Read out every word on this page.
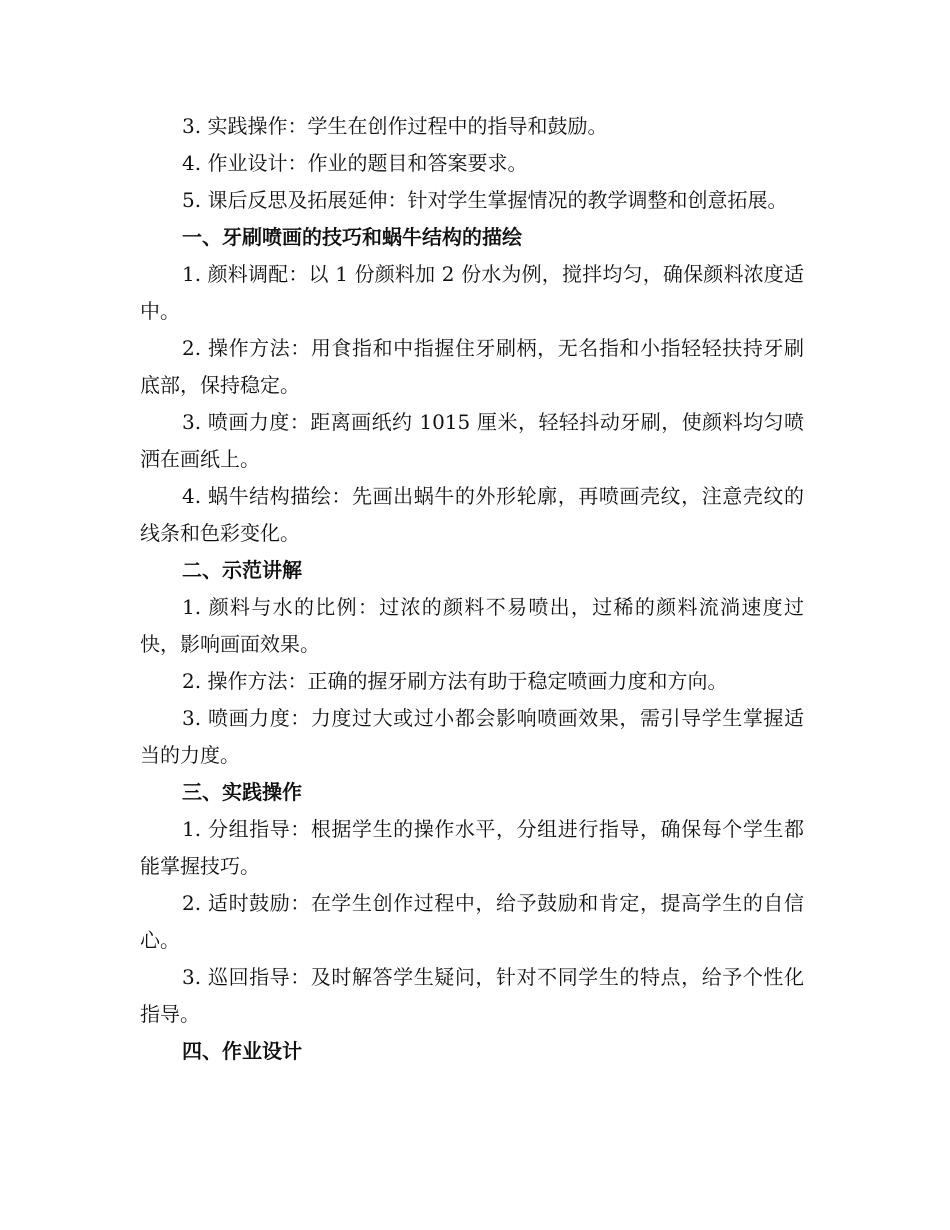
3. 实践操作：学生在创作过程中的指导和鼓励。

4. 作业设计：作业的题目和答案要求。

5. 课后反思及拓展延伸：针对学生掌握情况的教学调整和创意拓展。

一、牙刷喷画的技巧和蜗牛结构的描绘

1. 颜料调配：以 1 份颜料加 2 份水为例，搅拌均匀，确保颜料浓度适中。

2. 操作方法：用食指和中指握住牙刷柄，无名指和小指轻轻扶持牙刷底部，保持稳定。

3. 喷画力度：距离画纸约 1015 厘米，轻轻抖动牙刷，使颜料均匀喷洒在画纸上。

4. 蜗牛结构描绘：先画出蜗牛的外形轮廓，再喷画壳纹，注意壳纹的线条和色彩变化。

二、示范讲解

1. 颜料与水的比例：过浓的颜料不易喷出，过稀的颜料流淌速度过快，影响画面效果。

2. 操作方法：正确的握牙刷方法有助于稳定喷画力度和方向。

3. 喷画力度：力度过大或过小都会影响喷画效果，需引导学生掌握适当的力度。

三、实践操作

1. 分组指导：根据学生的操作水平，分组进行指导，确保每个学生都能掌握技巧。

2. 适时鼓励：在学生创作过程中，给予鼓励和肯定，提高学生的自信心。

3. 巡回指导：及时解答学生疑问，针对不同学生的特点，给予个性化指导。

四、作业设计
